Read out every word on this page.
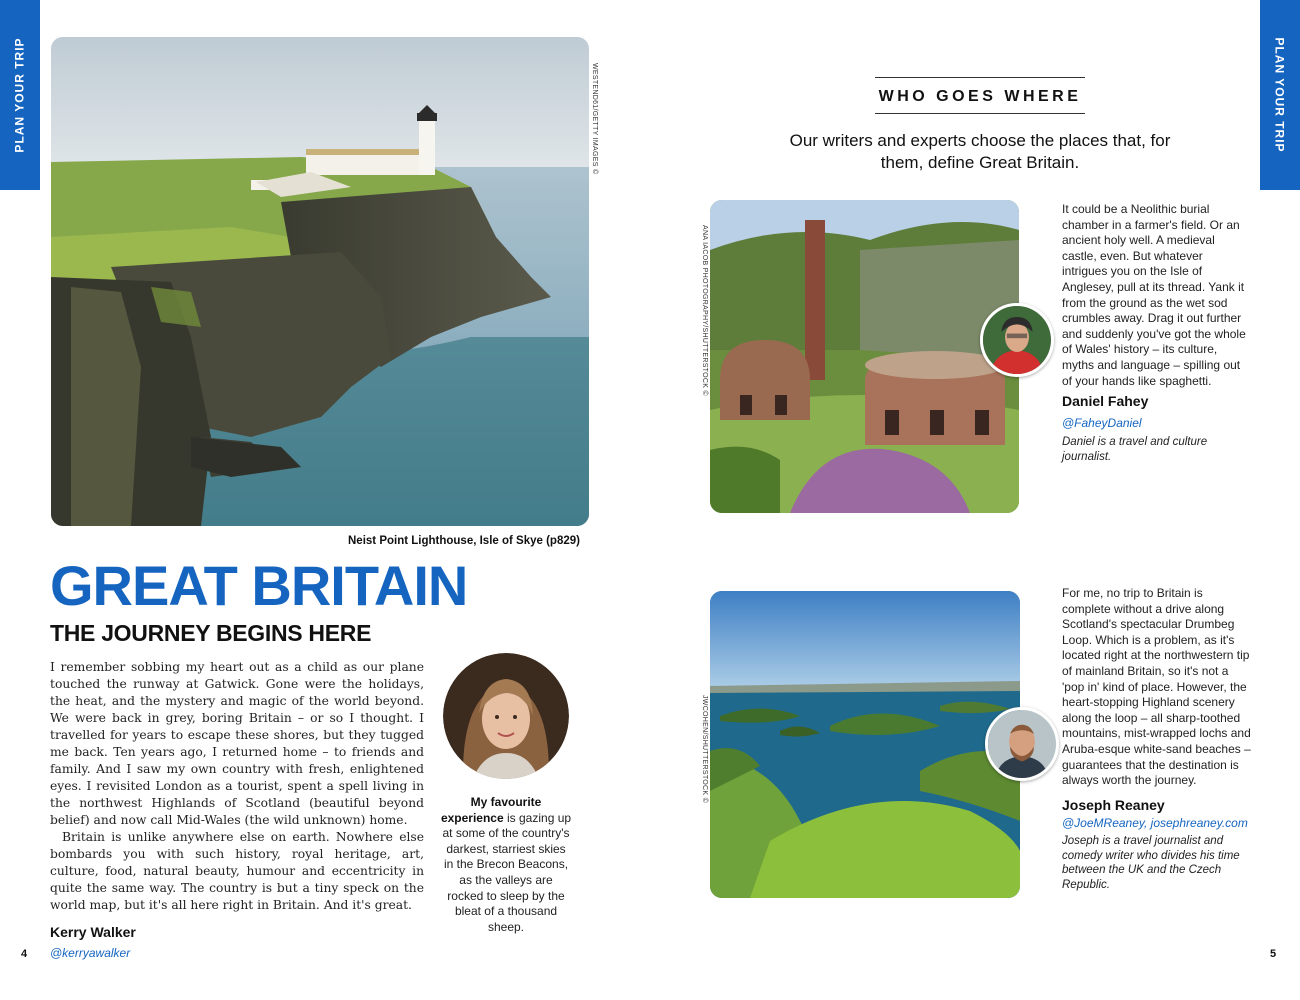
PLAN YOUR TRIP	PLAN YOUR TRIP
WESTEND61/GETTY IMAGES ©
Neist Point Lighthouse, Isle of Skye (p829)
GREAT BRITAIN
THE JOURNEY BEGINS HERE

I remember sobbing my heart out as a child as our plane touched the runway at Gatwick. Gone were the holidays, the heat, and the mystery and magic of the world beyond. We were back in grey, boring Britain – or so I thought. I travelled for years to escape these shores, but they tugged me back. Ten years ago, I returned home – to friends and family. And I saw my own country with fresh, enlightened eyes. I revisited London as a tourist, spent a spell living in the northwest Highlands of Scotland (beautiful beyond belief) and now call Mid-Wales (the wild unknown) home.

Britain is unlike anywhere else on earth. Nowhere else bombards you with such history, royal heritage, art, culture, food, natural beauty, humour and eccentricity in quite the same way. The country is but a tiny speck on the world map, but it's all here right in Britain. And it's great.

Kerry Walker
@kerryawalker
My favourite experience is gazing up at some of the country's darkest, starriest skies in the Brecon Beacons, as the valleys are rocked to sleep by the bleat of a thousand sheep.
4	5
WHO GOES WHERE
Our writers and experts choose the places that, for them, define Great Britain.
ANA IACOB PHOTOGRAPHY/SHUTTERSTOCK ©
It could be a Neolithic burial chamber in a farmer's field. Or an ancient holy well. A medieval castle, even. But whatever intrigues you on the Isle of Anglesey, pull at its thread. Yank it from the ground as the wet sod crumbles away. Drag it out further and suddenly you've got the whole of Wales' history – its culture, myths and language – spilling out of your hands like spaghetti.
Daniel Fahey
@FaheyDaniel
Daniel is a travel and culture journalist.
JWCOHEN/SHUTTERSTOCK ©
For me, no trip to Britain is complete without a drive along Scotland's spectacular Drumbeg Loop. Which is a problem, as it's located right at the northwestern tip of mainland Britain, so it's not a 'pop in' kind of place. However, the heart-stopping Highland scenery along the loop – all sharp-toothed mountains, mist-wrapped lochs and Aruba-esque white-sand beaches – guarantees that the destination is always worth the journey.
Joseph Reaney
@JoeMReaney, josephreaney.com
Joseph is a travel journalist and comedy writer who divides his time between the UK and the Czech Republic.
